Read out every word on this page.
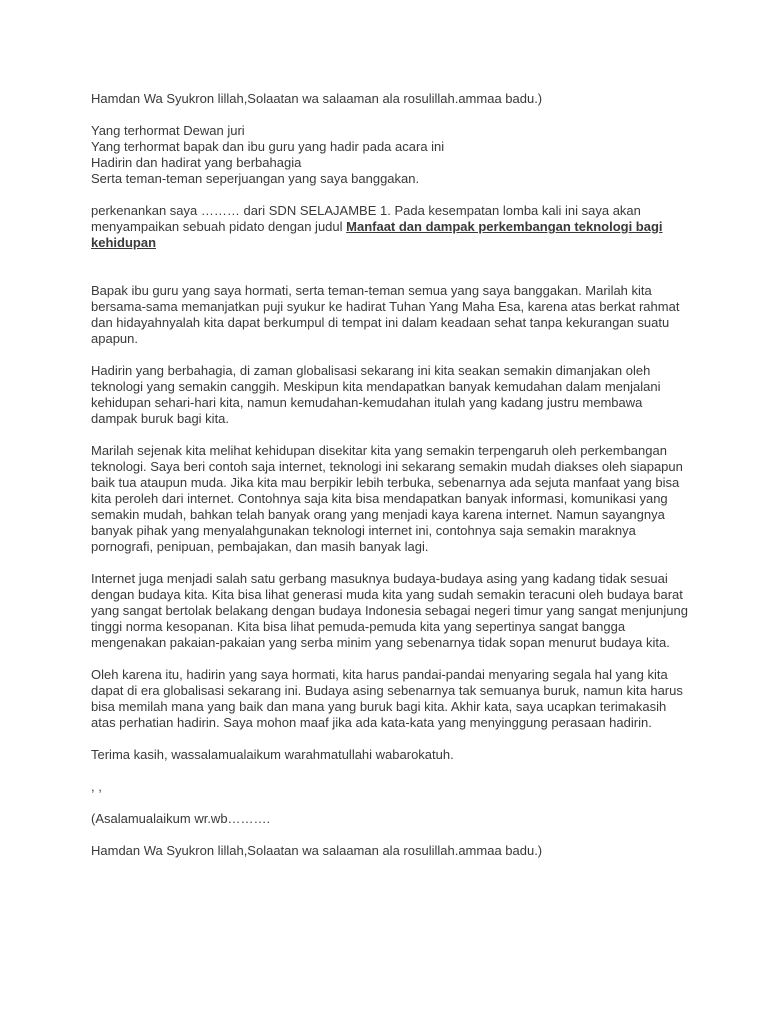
Hamdan Wa Syukron lillah,Solaatan wa salaaman ala rosulillah.ammaa badu.)

Yang terhormat Dewan juri
Yang terhormat bapak dan ibu guru yang hadir pada acara ini
Hadirin dan hadirat yang berbahagia
Serta teman-teman seperjuangan yang saya banggakan.

perkenankan saya ……… dari SDN SELAJAMBE 1. Pada kesempatan lomba kali ini saya akan menyampaikan sebuah pidato dengan judul Manfaat dan dampak perkembangan teknologi bagi kehidupan

Bapak ibu guru yang saya hormati, serta teman-teman semua yang saya banggakan. Marilah kita bersama-sama memanjatkan puji syukur ke hadirat Tuhan Yang Maha Esa, karena atas berkat rahmat dan hidayahnyalah kita dapat berkumpul di tempat ini dalam keadaan sehat tanpa kekurangan suatu apapun.

Hadirin yang berbahagia, di zaman globalisasi sekarang ini kita seakan semakin dimanjakan oleh teknologi yang semakin canggih. Meskipun kita mendapatkan banyak kemudahan dalam menjalani kehidupan sehari-hari kita, namun kemudahan-kemudahan itulah yang kadang justru membawa dampak buruk bagi kita.

Marilah sejenak kita melihat kehidupan disekitar kita yang semakin terpengaruh oleh perkembangan teknologi. Saya beri contoh saja internet, teknologi ini sekarang semakin mudah diakses oleh siapapun baik tua ataupun muda. Jika kita mau berpikir lebih terbuka, sebenarnya ada sejuta manfaat yang bisa kita peroleh dari internet. Contohnya saja kita bisa mendapatkan banyak informasi, komunikasi yang semakin mudah, bahkan telah banyak orang yang menjadi kaya karena internet. Namun sayangnya banyak pihak yang menyalahgunakan teknologi internet ini, contohnya saja semakin maraknya pornografi, penipuan, pembajakan, dan masih banyak lagi.

Internet juga menjadi salah satu gerbang masuknya budaya-budaya asing yang kadang tidak sesuai dengan budaya kita. Kita bisa lihat generasi muda kita yang sudah semakin teracuni oleh budaya barat yang sangat bertolak belakang dengan budaya Indonesia sebagai negeri timur yang sangat menjunjung tinggi norma kesopanan. Kita bisa lihat pemuda-pemuda kita yang sepertinya sangat bangga mengenakan pakaian-pakaian yang serba minim yang sebenarnya tidak sopan menurut budaya kita.

Oleh karena itu, hadirin yang saya hormati, kita harus pandai-pandai menyaring segala hal yang kita dapat di era globalisasi sekarang ini. Budaya asing sebenarnya tak semuanya buruk, namun kita harus bisa memilah mana yang baik dan mana yang buruk bagi kita. Akhir kata, saya ucapkan terimakasih atas perhatian hadirin. Saya mohon maaf jika ada kata-kata yang menyinggung perasaan hadirin.

Terima kasih, wassalamualaikum warahmatullahi wabarokatuh.

, ,

(Asalamualaikum wr.wb……….

Hamdan Wa Syukron lillah,Solaatan wa salaaman ala rosulillah.ammaa badu.)
